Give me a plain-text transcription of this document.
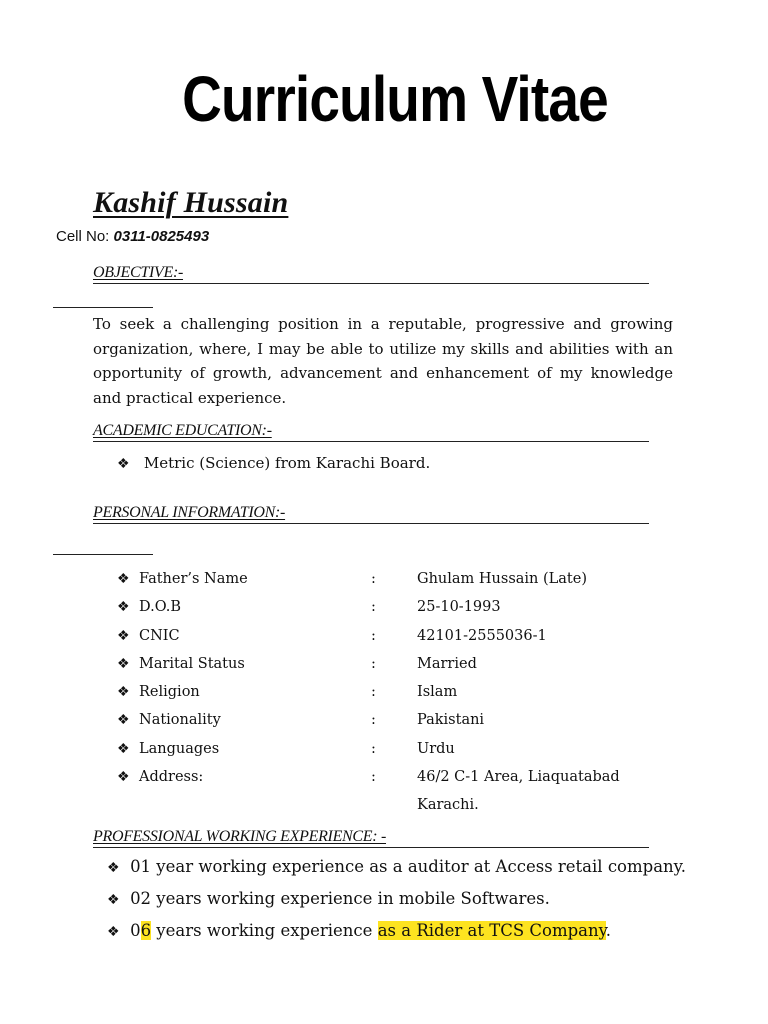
Curriculum Vitae
Kashif Hussain
Cell No: 0311-0825493
OBJECTIVE:-
To seek a challenging position in a reputable, progressive and growing organization, where, I may be able to utilize my skills and abilities with an opportunity of growth, advancement and enhancement of my knowledge and practical experience.
ACADEMIC EDUCATION:-
❖ Metric (Science) from Karachi Board.
PERSONAL INFORMATION:-
❖ Father’s Name	:	Ghulam Hussain (Late)
❖ D.O.B	:	25-10-1993
❖ CNIC	:	42101-2555036-1
❖ Marital Status	:	Married
❖ Religion	:	Islam
❖ Nationality	:	Pakistani
❖ Languages	:	Urdu
❖ Address:	:	46/2 C-1 Area, Liaquatabad
Karachi.
PROFESSIONAL WORKING EXPERIENCE: -
❖ 01 year working experience as a auditor at Access retail company.
❖ 02 years working experience in mobile Softwares.
❖ 06 years working experience as a Rider at TCS Company.
